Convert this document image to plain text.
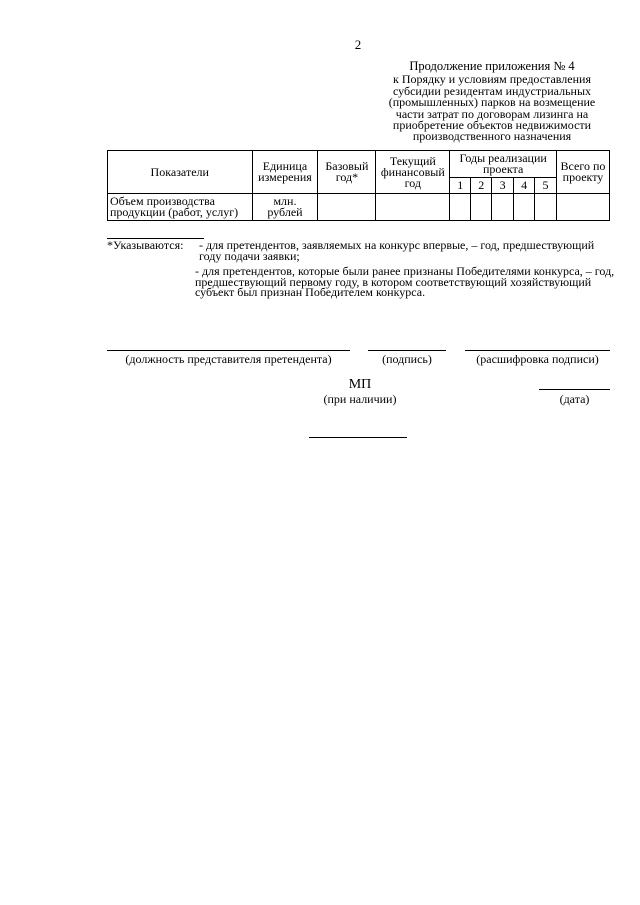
2
Продолжение приложения № 4
к Порядку и условиям предоставления
субсидии резидентам индустриальных
(промышленных) парков на возмещение
части затрат по договорам лизинга на
приобретение объектов недвижимости
производственного назначения
Показатели	Единица измерения	Базовый год*	Текущий финансовый год	Годы реализации проекта					Всего по проекту
				1	2	3	4	5	
Объем производства продукции (работ, услуг)	млн. рублей								
*Указываются:	- для претендентов, заявляемых на конкурс впервые, – год, предшествующий году подачи заявки;
- для претендентов, которые были ранее признаны Победителями конкурса, – год, предшествующий первому году, в котором соответствующий хозяйствующий субъект был признан Победителем конкурса.
(должность представителя претендента)	(подпись)	(расшифровка подписи)
МП
(при наличии)	(дата)
